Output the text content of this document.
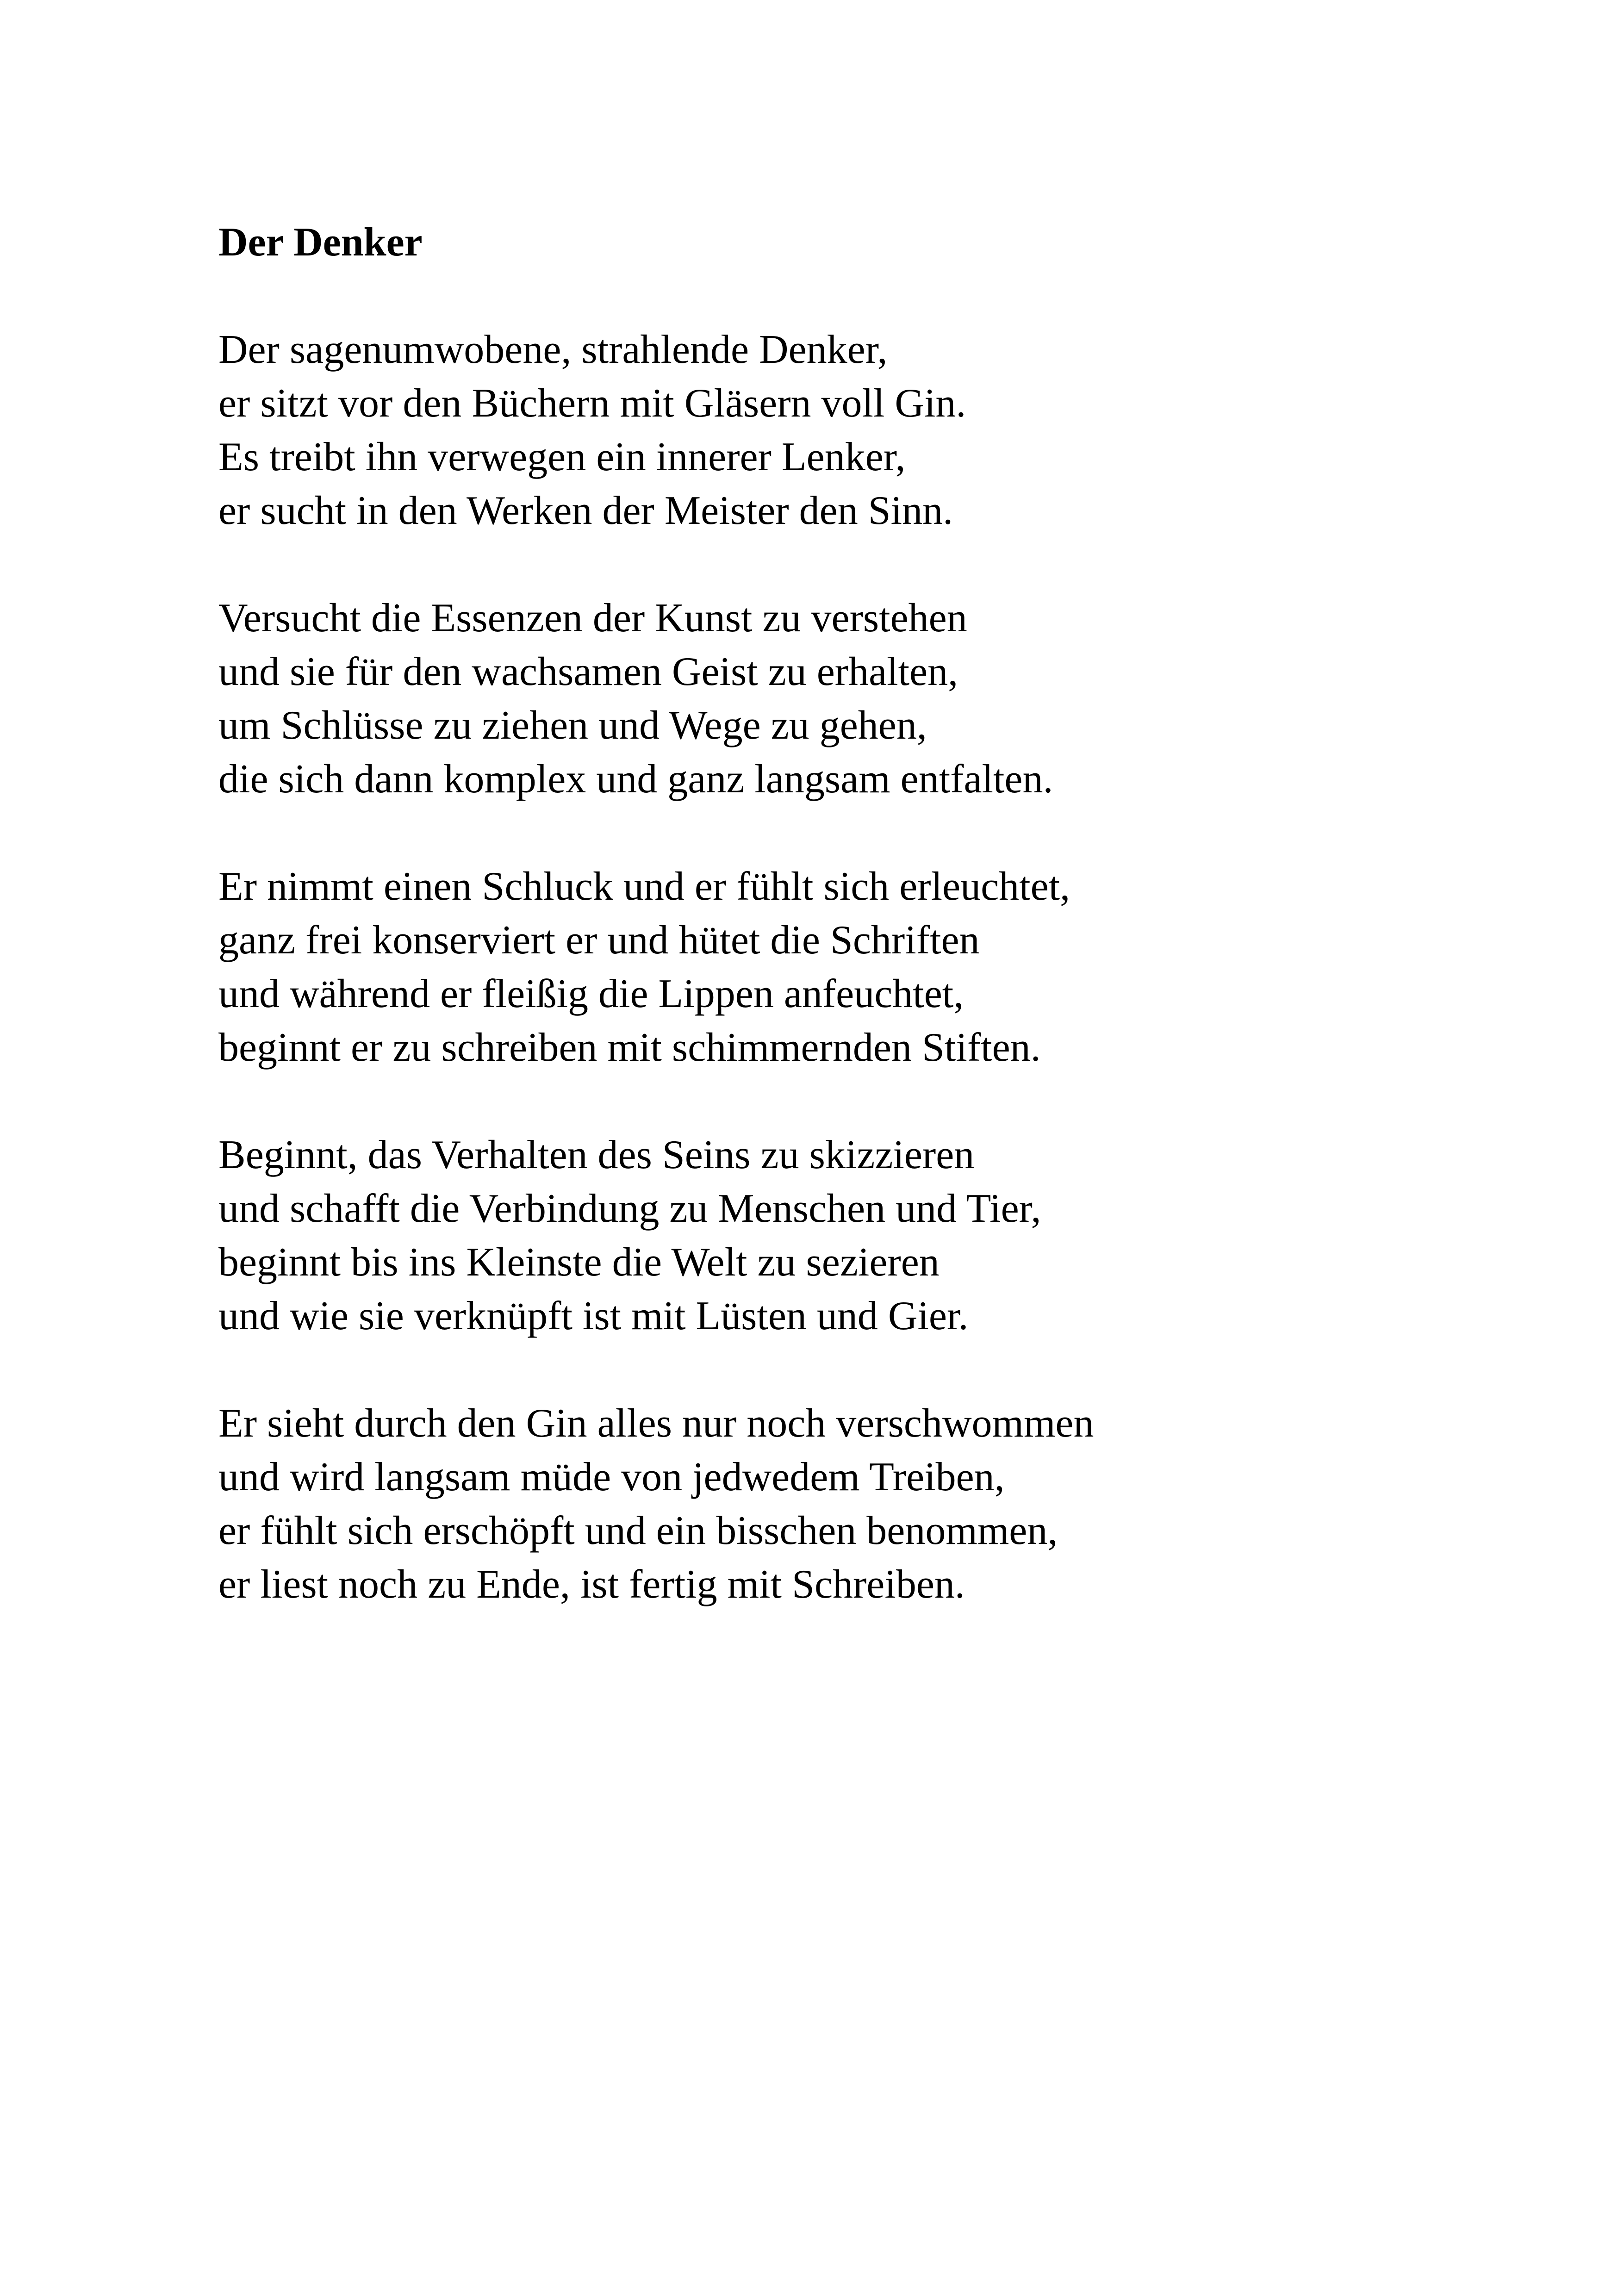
Der Denker
Der sagenumwobene, strahlende Denker,
er sitzt vor den Büchern mit Gläsern voll Gin.
Es treibt ihn verwegen ein innerer Lenker,
er sucht in den Werken der Meister den Sinn.
Versucht die Essenzen der Kunst zu verstehen
und sie für den wachsamen Geist zu erhalten,
um Schlüsse zu ziehen und Wege zu gehen,
die sich dann komplex und ganz langsam entfalten.
Er nimmt einen Schluck und er fühlt sich erleuchtet,
ganz frei konserviert er und hütet die Schriften
und während er fleißig die Lippen anfeuchtet,
beginnt er zu schreiben mit schimmernden Stiften.
Beginnt, das Verhalten des Seins zu skizzieren
und schafft die Verbindung zu Menschen und Tier,
beginnt bis ins Kleinste die Welt zu sezieren
und wie sie verknüpft ist mit Lüsten und Gier.
Er sieht durch den Gin alles nur noch verschwommen
und wird langsam müde von jedwedem Treiben,
er fühlt sich erschöpft und ein bisschen benommen,
er liest noch zu Ende, ist fertig mit Schreiben.
